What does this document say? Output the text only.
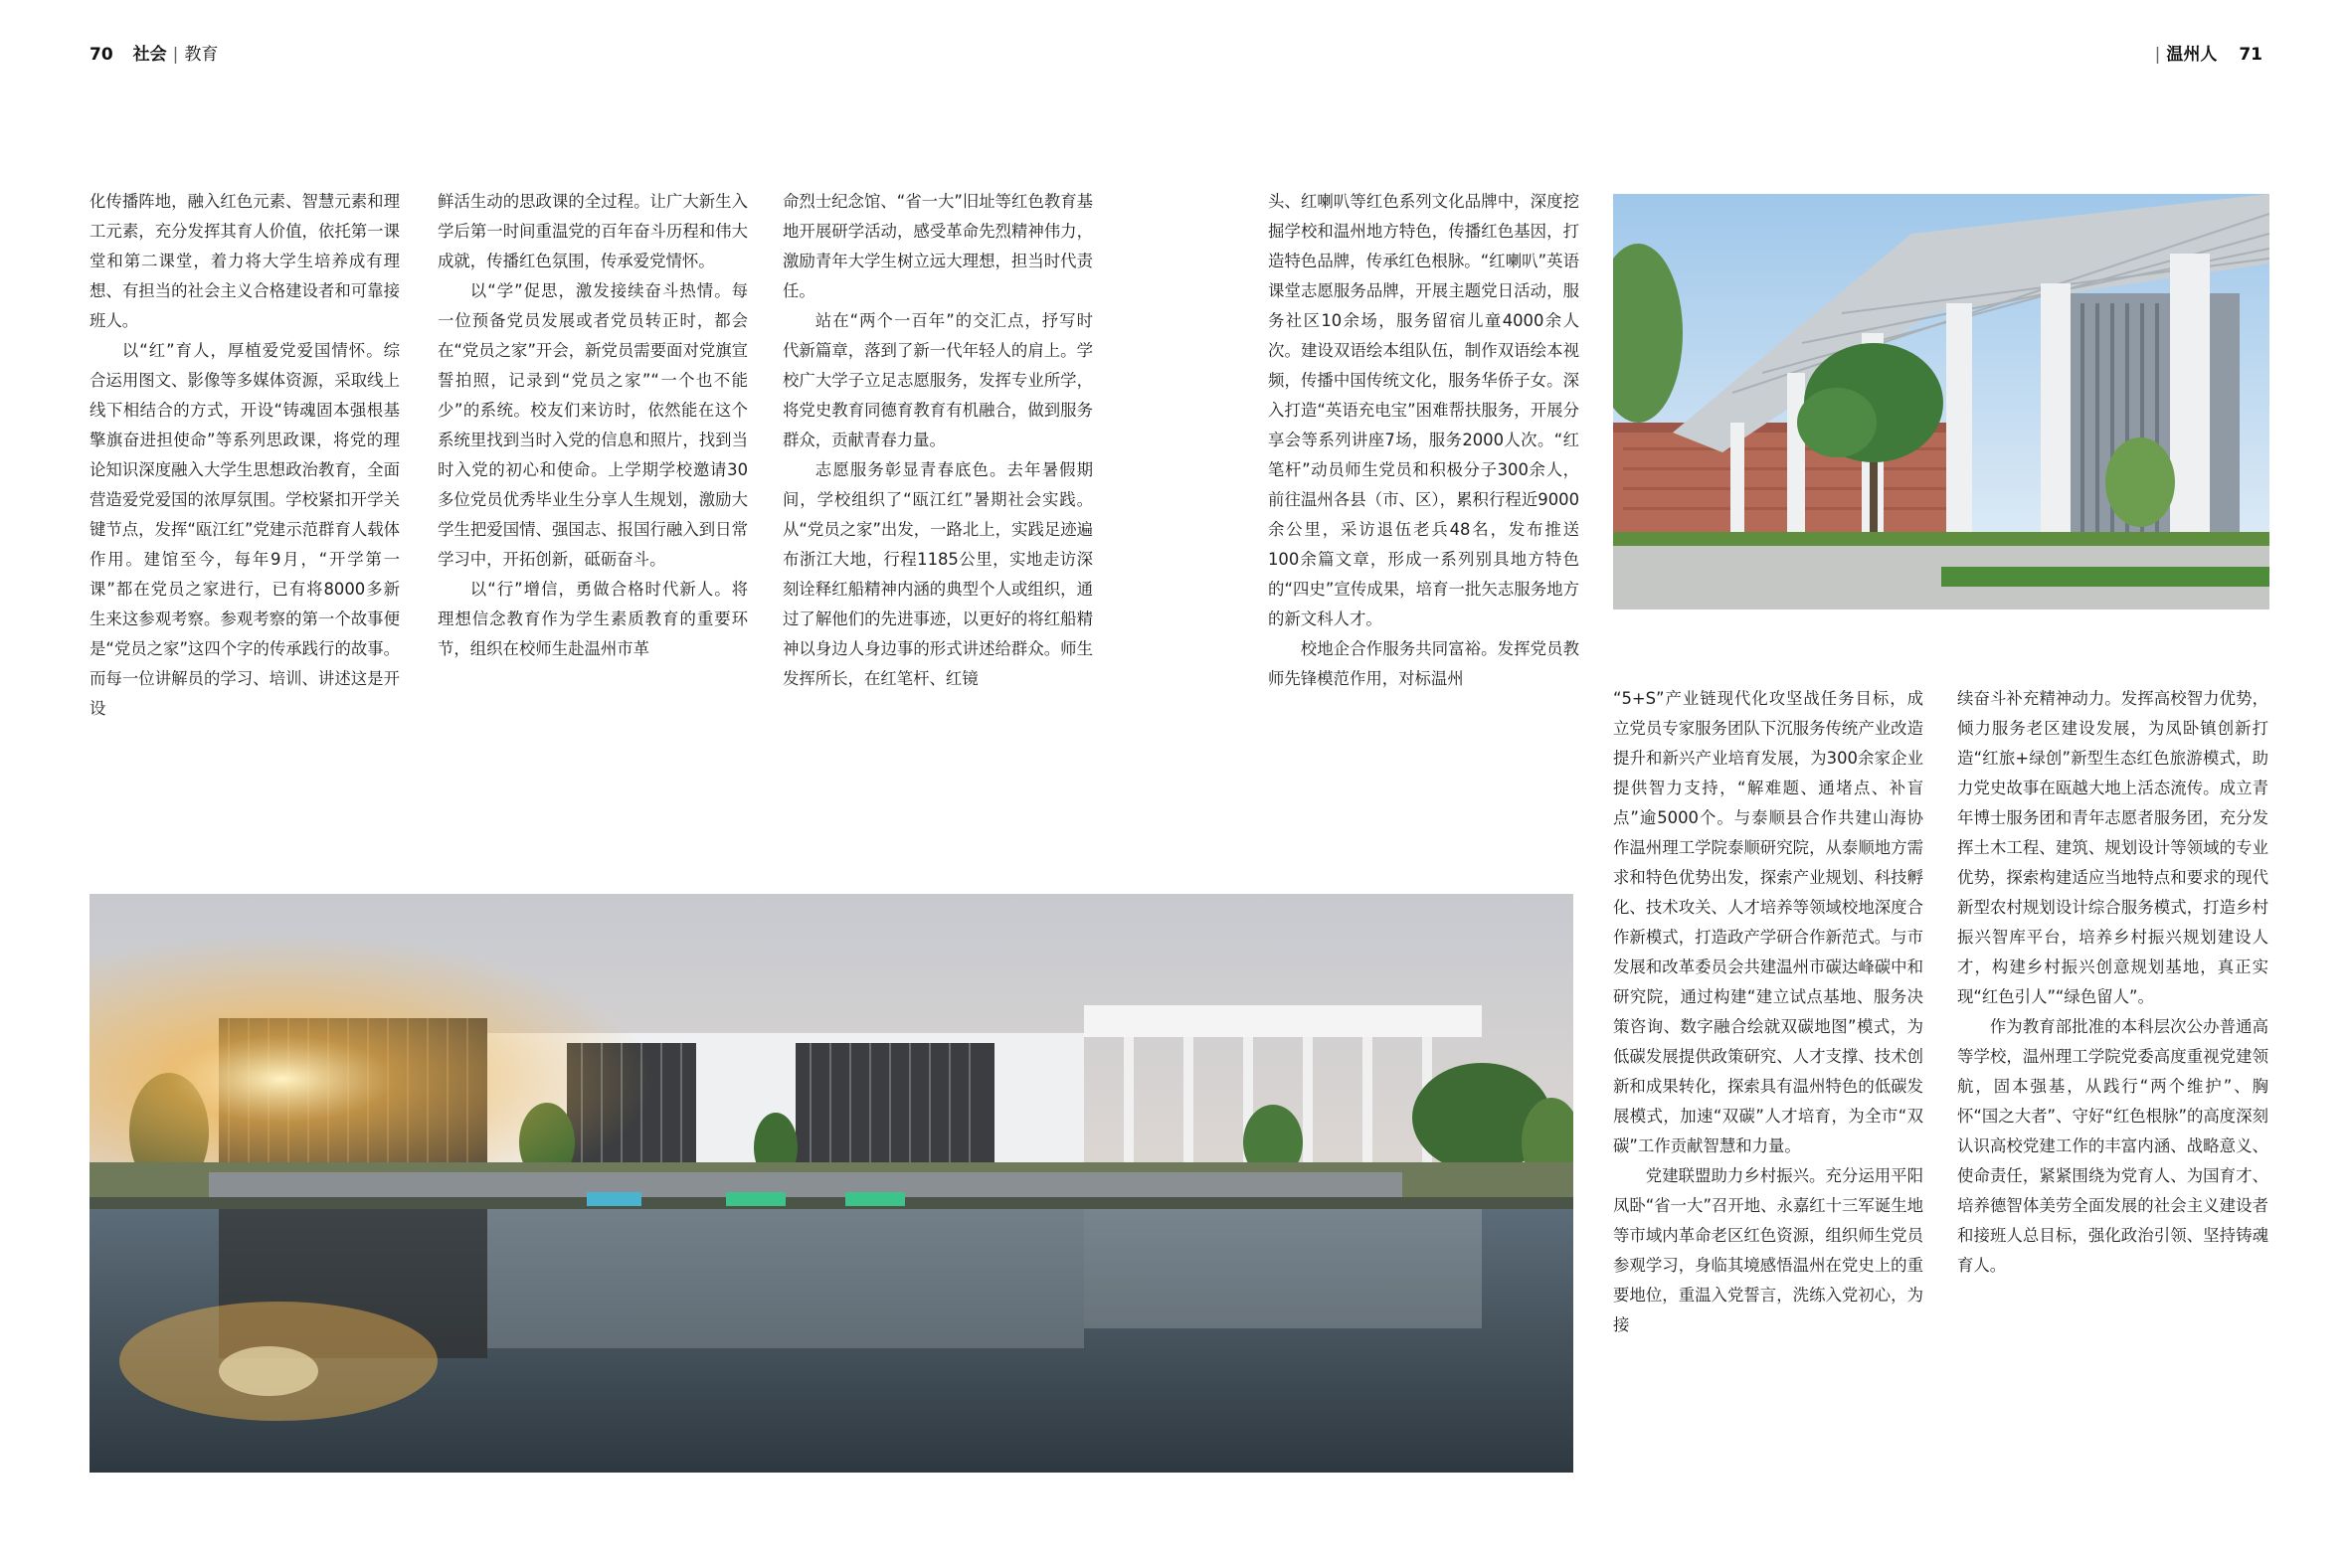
70 社会 | 教育	| 温州人 71

化传播阵地，融入红色元素、智慧元素和理工元素，充分发挥其育人价值，依托第一课堂和第二课堂，着力将大学生培养成有理想、有担当的社会主义合格建设者和可靠接班人。

以“红”育人，厚植爱党爱国情怀。综合运用图文、影像等多媒体资源，采取线上线下相结合的方式，开设“铸魂固本强根基擎旗奋进担使命”等系列思政课，将党的理论知识深度融入大学生思想政治教育，全面营造爱党爱国的浓厚氛围。学校紧扣开学关键节点，发挥“瓯江红”党建示范群育人载体作用。建馆至今，每年9月，“开学第一课”都在党员之家进行，已有将8000多新生来这参观考察。参观考察的第一个故事便是“党员之家”这四个字的传承践行的故事。而每一位讲解员的学习、培训、讲述这是开设

鲜活生动的思政课的全过程。让广大新生入学后第一时间重温党的百年奋斗历程和伟大成就，传播红色氛围，传承爱党情怀。

以“学”促思，激发接续奋斗热情。每一位预备党员发展或者党员转正时，都会在“党员之家”开会，新党员需要面对党旗宣誓拍照，记录到“党员之家”“一个也不能少”的系统。校友们来访时，依然能在这个系统里找到当时入党的信息和照片，找到当时入党的初心和使命。上学期学校邀请30多位党员优秀毕业生分享人生规划，激励大学生把爱国情、强国志、报国行融入到日常学习中，开拓创新，砥砺奋斗。

以“行”增信，勇做合格时代新人。将理想信念教育作为学生素质教育的重要环节，组织在校师生赴温州市革

命烈士纪念馆、“省一大”旧址等红色教育基地开展研学活动，感受革命先烈精神伟力，激励青年大学生树立远大理想，担当时代责任。

站在“两个一百年”的交汇点，抒写时代新篇章，落到了新一代年轻人的肩上。学校广大学子立足志愿服务，发挥专业所学，将党史教育同德育教育有机融合，做到服务群众，贡献青春力量。

志愿服务彰显青春底色。去年暑假期间，学校组织了“瓯江红”暑期社会实践。从“党员之家”出发，一路北上，实践足迹遍布浙江大地，行程1185公里，实地走访深刻诠释红船精神内涵的典型个人或组织，通过了解他们的先进事迹，以更好的将红船精神以身边人身边事的形式讲述给群众。师生发挥所长，在红笔杆、红镜

头、红喇叭等红色系列文化品牌中，深度挖掘学校和温州地方特色，传播红色基因，打造特色品牌，传承红色根脉。“红喇叭”英语课堂志愿服务品牌，开展主题党日活动，服务社区10余场，服务留宿儿童4000余人次。建设双语绘本组队伍，制作双语绘本视频，传播中国传统文化，服务华侨子女。深入打造“英语充电宝”困难帮扶服务，开展分享会等系列讲座7场，服务2000人次。“红笔杆”动员师生党员和积极分子300余人，前往温州各县（市、区），累积行程近9000余公里，采访退伍老兵48名，发布推送100余篇文章，形成一系列别具地方特色的“四史”宣传成果，培育一批矢志服务地方的新文科人才。

校地企合作服务共同富裕。发挥党员教师先锋模范作用，对标温州

“5+S”产业链现代化攻坚战任务目标，成立党员专家服务团队下沉服务传统产业改造提升和新兴产业培育发展，为300余家企业提供智力支持，“解难题、通堵点、补盲点”逾5000个。与泰顺县合作共建山海协作温州理工学院泰顺研究院，从泰顺地方需求和特色优势出发，探索产业规划、科技孵化、技术攻关、人才培养等领域校地深度合作新模式，打造政产学研合作新范式。与市发展和改革委员会共建温州市碳达峰碳中和研究院，通过构建“建立试点基地、服务决策咨询、数字融合绘就双碳地图”模式，为低碳发展提供政策研究、人才支撑、技术创新和成果转化，探索具有温州特色的低碳发展模式，加速“双碳”人才培育，为全市“双碳”工作贡献智慧和力量。

党建联盟助力乡村振兴。充分运用平阳凤卧“省一大”召开地、永嘉红十三军诞生地等市域内革命老区红色资源，组织师生党员参观学习，身临其境感悟温州在党史上的重要地位，重温入党誓言，洗练入党初心，为接

续奋斗补充精神动力。发挥高校智力优势，倾力服务老区建设发展，为凤卧镇创新打造“红旅+绿创”新型生态红色旅游模式，助力党史故事在瓯越大地上活态流传。成立青年博士服务团和青年志愿者服务团，充分发挥土木工程、建筑、规划设计等领域的专业优势，探索构建适应当地特点和要求的现代新型农村规划设计综合服务模式，打造乡村振兴智库平台，培养乡村振兴规划建设人才，构建乡村振兴创意规划基地，真正实现“红色引人”“绿色留人”。

作为教育部批准的本科层次公办普通高等学校，温州理工学院党委高度重视党建领航，固本强基，从践行“两个维护”、胸怀“国之大者”、守好“红色根脉”的高度深刻认识高校党建工作的丰富内涵、战略意义、使命责任，紧紧围绕为党育人、为国育才、培养德智体美劳全面发展的社会主义建设者和接班人总目标，强化政治引领、坚持铸魂育人。
